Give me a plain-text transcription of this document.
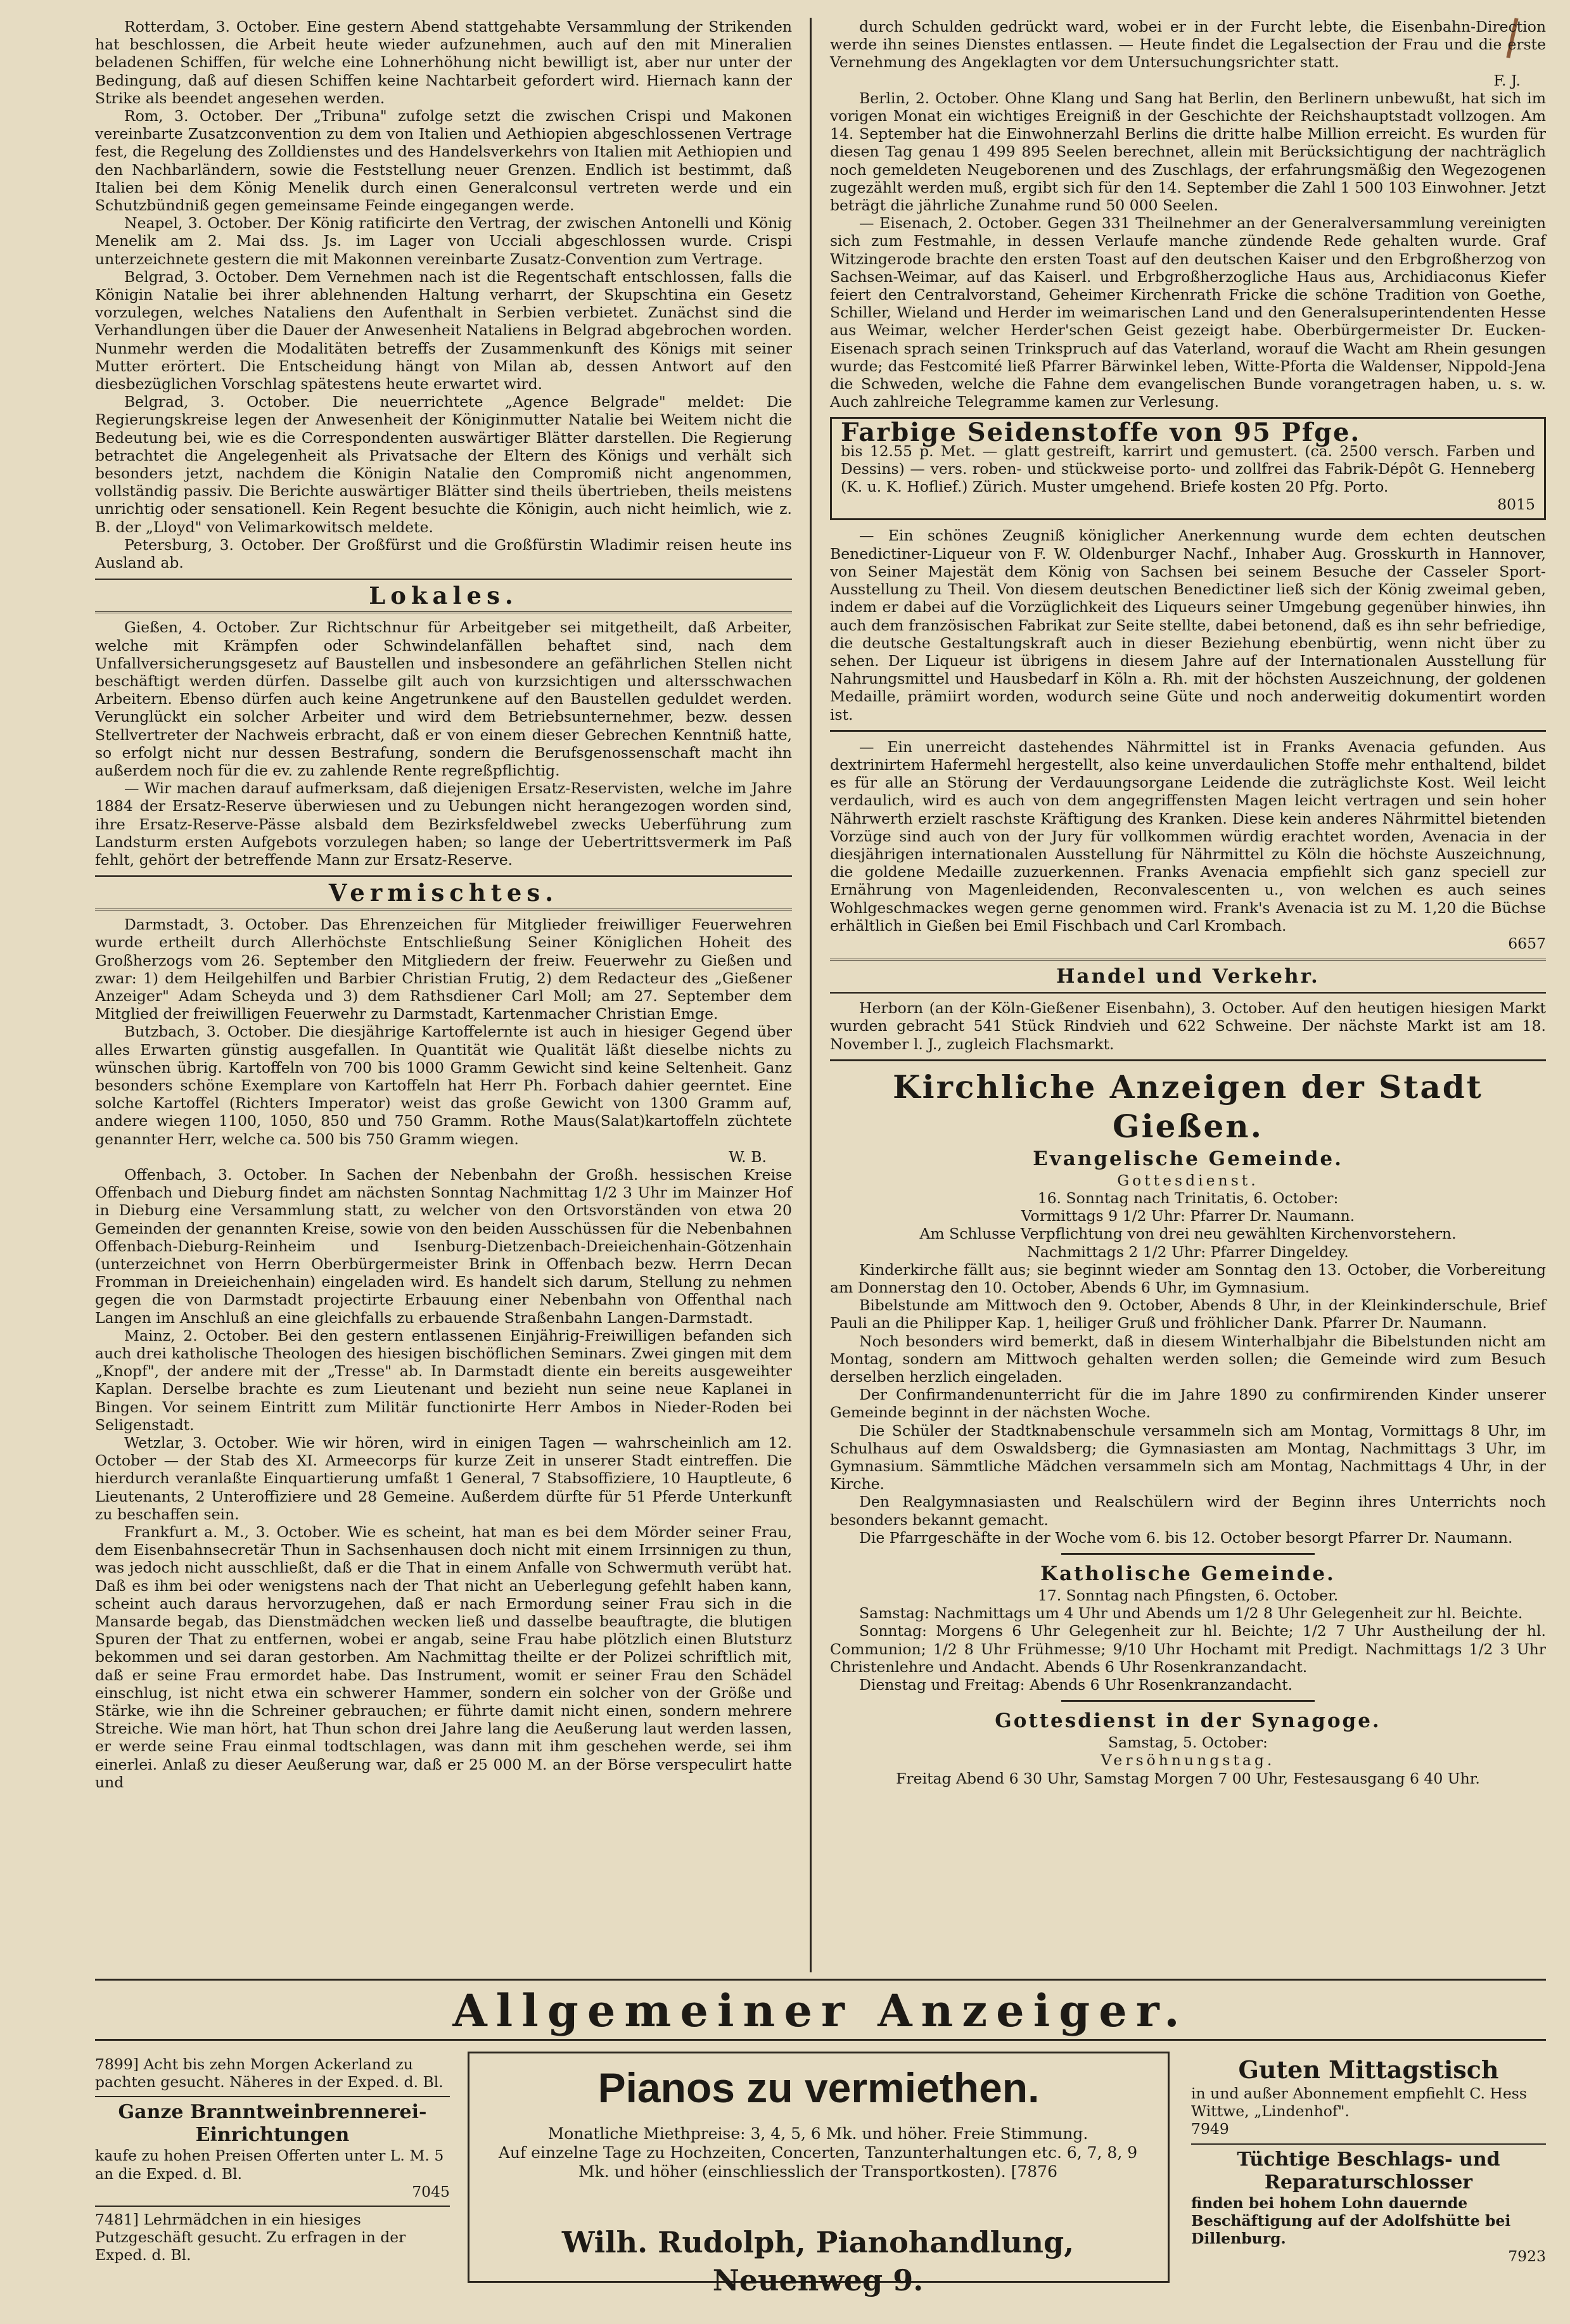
Rotterdam, 3. October. Eine gestern Abend stattgehabte Versammlung der Strikenden hat beschlossen, die Arbeit heute wieder aufzunehmen, auch auf den mit Mineralien beladenen Schiffen, für welche eine Lohnerhöhung nicht bewilligt ist, aber nur unter der Bedingung, daß auf diesen Schiffen keine Nachtarbeit gefordert wird. Hiernach kann der Strike als beendet angesehen werden.

Rom, 3. October. Der „Tribuna" zufolge setzt die zwischen Crispi und Makonen vereinbarte Zusatzconvention zu dem von Italien und Aethiopien abgeschlossenen Vertrage fest, die Regelung des Zolldienstes und des Handelsverkehrs von Italien mit Aethiopien und den Nachbarländern, sowie die Feststellung neuer Grenzen. Endlich ist bestimmt, daß Italien bei dem König Menelik durch einen Generalconsul vertreten werde und ein Schutzbündniß gegen gemeinsame Feinde eingegangen werde.

Neapel, 3. October. Der König ratificirte den Vertrag, der zwischen Antonelli und König Menelik am 2. Mai dss. Js. im Lager von Ucciali abgeschlossen wurde. Crispi unterzeichnete gestern die mit Makonnen vereinbarte Zusatz-Convention zum Vertrage.

Belgrad, 3. October. Dem Vernehmen nach ist die Regentschaft entschlossen, falls die Königin Natalie bei ihrer ablehnenden Haltung verharrt, der Skupschtina ein Gesetz vorzulegen, welches Nataliens den Aufenthalt in Serbien verbietet. Zunächst sind die Verhandlungen über die Dauer der Anwesenheit Nataliens in Belgrad abgebrochen worden. Nunmehr werden die Modalitäten betreffs der Zusammenkunft des Königs mit seiner Mutter erörtert. Die Entscheidung hängt von Milan ab, dessen Antwort auf den diesbezüglichen Vorschlag spätestens heute erwartet wird.

Belgrad, 3. October. Die neuerrichtete „Agence Belgrade" meldet: Die Regierungskreise legen der Anwesenheit der Königinmutter Natalie bei Weitem nicht die Bedeutung bei, wie es die Correspondenten auswärtiger Blätter darstellen. Die Regierung betrachtet die Angelegenheit als Privatsache der Eltern des Königs und verhält sich besonders jetzt, nachdem die Königin Natalie den Compromiß nicht angenommen, vollständig passiv. Die Berichte auswärtiger Blätter sind theils übertrieben, theils meistens unrichtig oder sensationell. Kein Regent besuchte die Königin, auch nicht heimlich, wie z. B. der „Lloyd" von Velimarkowitsch meldete.

Petersburg, 3. October. Der Großfürst und die Großfürstin Wladimir reisen heute ins Ausland ab.

Lokales.

Gießen, 4. October. Zur Richtschnur für Arbeitgeber sei mitgetheilt, daß Arbeiter, welche mit Krämpfen oder Schwindelanfällen behaftet sind, nach dem Unfallversicherungsgesetz auf Baustellen und insbesondere an gefährlichen Stellen nicht beschäftigt werden dürfen. Dasselbe gilt auch von kurzsichtigen und altersschwachen Arbeitern. Ebenso dürfen auch keine Angetrunkene auf den Baustellen geduldet werden. Verunglückt ein solcher Arbeiter und wird dem Betriebsunternehmer, bezw. dessen Stellvertreter der Nachweis erbracht, daß er von einem dieser Gebrechen Kenntniß hatte, so erfolgt nicht nur dessen Bestrafung, sondern die Berufsgenossenschaft macht ihn außerdem noch für die ev. zu zahlende Rente regreßpflichtig.

— Wir machen darauf aufmerksam, daß diejenigen Ersatz-Reservisten, welche im Jahre 1884 der Ersatz-Reserve überwiesen und zu Uebungen nicht herangezogen worden sind, ihre Ersatz-Reserve-Pässe alsbald dem Bezirksfeldwebel zwecks Ueberführung zum Landsturm ersten Aufgebots vorzulegen haben; so lange der Uebertrittsvermerk im Paß fehlt, gehört der betreffende Mann zur Ersatz-Reserve.

Vermischtes.

Darmstadt, 3. October. Das Ehrenzeichen für Mitglieder freiwilliger Feuerwehren wurde ertheilt durch Allerhöchste Entschließung Seiner Königlichen Hoheit des Großherzogs vom 26. September den Mitgliedern der freiw. Feuerwehr zu Gießen und zwar: 1) dem Heilgehilfen und Barbier Christian Frutig, 2) dem Redacteur des „Gießener Anzeiger" Adam Scheyda und 3) dem Rathsdiener Carl Moll; am 27. September dem Mitglied der freiwilligen Feuerwehr zu Darmstadt, Kartenmacher Christian Emge.

Butzbach, 3. October. Die diesjährige Kartoffelernte ist auch in hiesiger Gegend über alles Erwarten günstig ausgefallen. In Quantität wie Qualität läßt dieselbe nichts zu wünschen übrig. Kartoffeln von 700 bis 1000 Gramm Gewicht sind keine Seltenheit. Ganz besonders schöne Exemplare von Kartoffeln hat Herr Ph. Forbach dahier geerntet. Eine solche Kartoffel (Richters Imperator) weist das große Gewicht von 1300 Gramm auf, andere wiegen 1100, 1050, 850 und 750 Gramm. Rothe Maus(Salat)kartoffeln züchtete genannter Herr, welche ca. 500 bis 750 Gramm wiegen.

W. B.

Offenbach, 3. October. In Sachen der Nebenbahn der Großh. hessischen Kreise Offenbach und Dieburg findet am nächsten Sonntag Nachmittag 1/2 3 Uhr im Mainzer Hof in Dieburg eine Versammlung statt, zu welcher von den Ortsvorständen von etwa 20 Gemeinden der genannten Kreise, sowie von den beiden Ausschüssen für die Nebenbahnen Offenbach-Dieburg-Reinheim und Isenburg-Dietzenbach-Dreieichenhain-Götzenhain (unterzeichnet von Herrn Oberbürgermeister Brink in Offenbach bezw. Herrn Decan Fromman in Dreieichenhain) eingeladen wird. Es handelt sich darum, Stellung zu nehmen gegen die von Darmstadt projectirte Erbauung einer Nebenbahn von Offenthal nach Langen im Anschluß an eine gleichfalls zu erbauende Straßenbahn Langen-Darmstadt.

Mainz, 2. October. Bei den gestern entlassenen Einjährig-Freiwilligen befanden sich auch drei katholische Theologen des hiesigen bischöflichen Seminars. Zwei gingen mit dem „Knopf", der andere mit der „Tresse" ab. In Darmstadt diente ein bereits ausgeweihter Kaplan. Derselbe brachte es zum Lieutenant und bezieht nun seine neue Kaplanei in Bingen. Vor seinem Eintritt zum Militär functionirte Herr Ambos in Nieder-Roden bei Seligenstadt.

Wetzlar, 3. October. Wie wir hören, wird in einigen Tagen — wahrscheinlich am 12. October — der Stab des XI. Armeecorps für kurze Zeit in unserer Stadt eintreffen. Die hierdurch veranlaßte Einquartierung umfaßt 1 General, 7 Stabsoffiziere, 10 Hauptleute, 6 Lieutenants, 2 Unteroffiziere und 28 Gemeine. Außerdem dürfte für 51 Pferde Unterkunft zu beschaffen sein.

Frankfurt a. M., 3. October. Wie es scheint, hat man es bei dem Mörder seiner Frau, dem Eisenbahnsecretär Thun in Sachsenhausen doch nicht mit einem Irrsinnigen zu thun, was jedoch nicht ausschließt, daß er die That in einem Anfalle von Schwermuth verübt hat. Daß es ihm bei oder wenigstens nach der That nicht an Ueberlegung gefehlt haben kann, scheint auch daraus hervorzugehen, daß er nach Ermordung seiner Frau sich in die Mansarde begab, das Dienstmädchen wecken ließ und dasselbe beauftragte, die blutigen Spuren der That zu entfernen, wobei er angab, seine Frau habe plötzlich einen Blutsturz bekommen und sei daran gestorben. Am Nachmittag theilte er der Polizei schriftlich mit, daß er seine Frau ermordet habe. Das Instrument, womit er seiner Frau den Schädel einschlug, ist nicht etwa ein schwerer Hammer, sondern ein solcher von der Größe und Stärke, wie ihn die Schreiner gebrauchen; er führte damit nicht einen, sondern mehrere Streiche. Wie man hört, hat Thun schon drei Jahre lang die Aeußerung laut werden lassen, er werde seine Frau einmal todtschlagen, was dann mit ihm geschehen werde, sei ihm einerlei. Anlaß zu dieser Aeußerung war, daß er 25 000 M. an der Börse verspeculirt hatte und

durch Schulden gedrückt ward, wobei er in der Furcht lebte, die Eisenbahn-Direction werde ihn seines Dienstes entlassen. — Heute findet die Legalsection der Frau und die erste Vernehmung des Angeklagten vor dem Untersuchungsrichter statt.

F. J.

Berlin, 2. October. Ohne Klang und Sang hat Berlin, den Berlinern unbewußt, hat sich im vorigen Monat ein wichtiges Ereigniß in der Geschichte der Reichshauptstadt vollzogen. Am 14. September hat die Einwohnerzahl Berlins die dritte halbe Million erreicht. Es wurden für diesen Tag genau 1 499 895 Seelen berechnet, allein mit Berücksichtigung der nachträglich noch gemeldeten Neugeborenen und des Zuschlags, der erfahrungsmäßig den Wegezogenen zugezählt werden muß, ergibt sich für den 14. September die Zahl 1 500 103 Einwohner. Jetzt beträgt die jährliche Zunahme rund 50 000 Seelen.

— Eisenach, 2. October. Gegen 331 Theilnehmer an der Generalversammlung vereinigten sich zum Festmahle, in dessen Verlaufe manche zündende Rede gehalten wurde. Graf Witzingerode brachte den ersten Toast auf den deutschen Kaiser und den Erbgroßherzog von Sachsen-Weimar, auf das Kaiserl. und Erbgroßherzogliche Haus aus, Archidiaconus Kiefer feiert den Centralvorstand, Geheimer Kirchenrath Fricke die schöne Tradition von Goethe, Schiller, Wieland und Herder im weimarischen Land und den Generalsuperintendenten Hesse aus Weimar, welcher Herder'schen Geist gezeigt habe. Oberbürgermeister Dr. Eucken-Eisenach sprach seinen Trinkspruch auf das Vaterland, worauf die Wacht am Rhein gesungen wurde; das Festcomité ließ Pfarrer Bärwinkel leben, Witte-Pforta die Waldenser, Nippold-Jena die Schweden, welche die Fahne dem evangelischen Bunde vorangetragen haben, u. s. w. Auch zahlreiche Telegramme kamen zur Verlesung.

Farbige Seidenstoffe von 95 Pfge.
bis 12.55 p. Met. — glatt gestreift, karrirt und gemustert. (ca. 2500 versch. Farben und Dessins) — vers. roben- und stückweise porto- und zollfrei das Fabrik-Dépôt G. Henneberg (K. u. K. Hoflief.) Zürich. Muster umgehend. Briefe kosten 20 Pfg. Porto.
8015

— Ein schönes Zeugniß königlicher Anerkennung wurde dem echten deutschen Benedictiner-Liqueur von F. W. Oldenburger Nachf., Inhaber Aug. Grosskurth in Hannover, von Seiner Majestät dem König von Sachsen bei seinem Besuche der Casseler Sport-Ausstellung zu Theil. Von diesem deutschen Benedictiner ließ sich der König zweimal geben, indem er dabei auf die Vorzüglichkeit des Liqueurs seiner Umgebung gegenüber hinwies, ihn auch dem französischen Fabrikat zur Seite stellte, dabei betonend, daß es ihn sehr befriedige, die deutsche Gestaltungskraft auch in dieser Beziehung ebenbürtig, wenn nicht über zu sehen. Der Liqueur ist übrigens in diesem Jahre auf der Internationalen Ausstellung für Nahrungsmittel und Hausbedarf in Köln a. Rh. mit der höchsten Auszeichnung, der goldenen Medaille, prämiirt worden, wodurch seine Güte und noch anderweitig dokumentirt worden ist.

— Ein unerreicht dastehendes Nährmittel ist in Franks Avenacia gefunden. Aus dextrinirtem Hafermehl hergestellt, also keine unverdaulichen Stoffe mehr enthaltend, bildet es für alle an Störung der Verdauungsorgane Leidende die zuträglichste Kost. Weil leicht verdaulich, wird es auch von dem angegriffensten Magen leicht vertragen und sein hoher Nährwerth erzielt raschste Kräftigung des Kranken. Diese kein anderes Nährmittel bietenden Vorzüge sind auch von der Jury für vollkommen würdig erachtet worden, Avenacia in der diesjährigen internationalen Ausstellung für Nährmittel zu Köln die höchste Auszeichnung, die goldene Medaille zuzuerkennen. Franks Avenacia empfiehlt sich ganz speciell zur Ernährung von Magenleidenden, Reconvalescenten u., von welchen es auch seines Wohlgeschmackes wegen gerne genommen wird. Frank's Avenacia ist zu M. 1,20 die Büchse erhältlich in Gießen bei Emil Fischbach und Carl Krombach.

6657
Handel und Verkehr.

Herborn (an der Köln-Gießener Eisenbahn), 3. October. Auf den heutigen hiesigen Markt wurden gebracht 541 Stück Rindvieh und 622 Schweine. Der nächste Markt ist am 18. November l. J., zugleich Flachsmarkt.

Kirchliche Anzeigen der Stadt Gießen.
Evangelische Gemeinde.
Gottesdienst.
16. Sonntag nach Trinitatis, 6. October:
Vormittags 9 1/2 Uhr: Pfarrer Dr. Naumann.
Am Schlusse Verpflichtung von drei neu gewählten Kirchenvorstehern.
Nachmittags 2 1/2 Uhr: Pfarrer Dingeldey.

Kinderkirche fällt aus; sie beginnt wieder am Sonntag den 13. October, die Vorbereitung am Donnerstag den 10. October, Abends 6 Uhr, im Gymnasium.

Bibelstunde am Mittwoch den 9. October, Abends 8 Uhr, in der Kleinkinderschule, Brief Pauli an die Philipper Kap. 1, heiliger Gruß und fröhlicher Dank. Pfarrer Dr. Naumann.

Noch besonders wird bemerkt, daß in diesem Winterhalbjahr die Bibelstunden nicht am Montag, sondern am Mittwoch gehalten werden sollen; die Gemeinde wird zum Besuch derselben herzlich eingeladen.

Der Confirmandenunterricht für die im Jahre 1890 zu confirmirenden Kinder unserer Gemeinde beginnt in der nächsten Woche.

Die Schüler der Stadtknabenschule versammeln sich am Montag, Vormittags 8 Uhr, im Schulhaus auf dem Oswaldsberg; die Gymnasiasten am Montag, Nachmittags 3 Uhr, im Gymnasium. Sämmtliche Mädchen versammeln sich am Montag, Nachmittags 4 Uhr, in der Kirche.

Den Realgymnasiasten und Realschülern wird der Beginn ihres Unterrichts noch besonders bekannt gemacht.

Die Pfarrgeschäfte in der Woche vom 6. bis 12. October besorgt Pfarrer Dr. Naumann.

Katholische Gemeinde.
17. Sonntag nach Pfingsten, 6. October.

Samstag: Nachmittags um 4 Uhr und Abends um 1/2 8 Uhr Gelegenheit zur hl. Beichte.

Sonntag: Morgens 6 Uhr Gelegenheit zur hl. Beichte; 1/2 7 Uhr Austheilung der hl. Communion; 1/2 8 Uhr Frühmesse; 9/10 Uhr Hochamt mit Predigt. Nachmittags 1/2 3 Uhr Christenlehre und Andacht. Abends 6 Uhr Rosenkranzandacht.

Dienstag und Freitag: Abends 6 Uhr Rosenkranzandacht.

Gottesdienst in der Synagoge.
Samstag, 5. October:
Versöhnungstag.
Freitag Abend 6 30 Uhr, Samstag Morgen 7 00 Uhr, Festesausgang 6 40 Uhr.
Allgemeiner Anzeiger.
7899] Acht bis zehn Morgen Ackerland zu pachten gesucht. Näheres in der Exped. d. Bl.
Ganze Branntweinbrennerei-Einrichtungen
kaufe zu hohen Preisen Offerten unter L. M. 5 an die Exped. d. Bl.
7045
7481] Lehrmädchen in ein hiesiges Putzgeschäft gesucht. Zu erfragen in der Exped. d. Bl.
Pianos zu vermiethen.
Monatliche Miethpreise: 3, 4, 5, 6 Mk. und höher. Freie Stimmung.
Auf einzelne Tage zu Hochzeiten, Concerten, Tanzunterhaltungen etc. 6, 7, 8, 9 Mk. und höher (einschliesslich der Transportkosten). [7876
Wilh. Rudolph, Pianohandlung, Neuenweg 9.
Guten Mittagstisch
in und außer Abonnement empfiehlt C. Hess Wittwe, „Lindenhof".
7949
Tüchtige Beschlags- und Reparaturschlosser
finden bei hohem Lohn dauernde Beschäftigung auf der Adolfshütte bei Dillenburg.
7923
